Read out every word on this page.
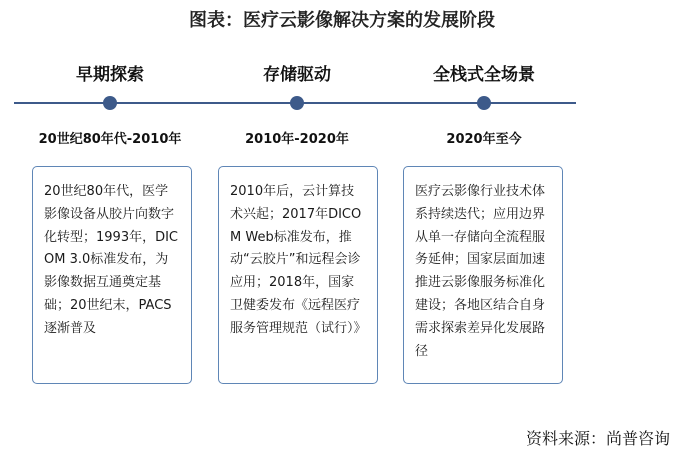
图表：医疗云影像解决方案的发展阶段
早期探索	存储驱动	全栈式全场景
20世纪80年代-2010年	2010年-2020年	2020年至今
20世纪80年代，医学影像设备从胶片向数字化转型；1993年，DICOM 3.0标准发布，为影像数据互通奠定基础；20世纪末，PACS逐渐普及
2010年后，云计算技术兴起；2017年DICOM Web标准发布，推动“云胶片”和远程会诊应用；2018年，国家卫健委发布《远程医疗服务管理规范（试行）》
医疗云影像行业技术体系持续迭代；应用边界从单一存储向全流程服务延伸；国家层面加速推进云影像服务标准化建设；各地区结合自身需求探索差异化发展路径
资料来源：尚普咨询
